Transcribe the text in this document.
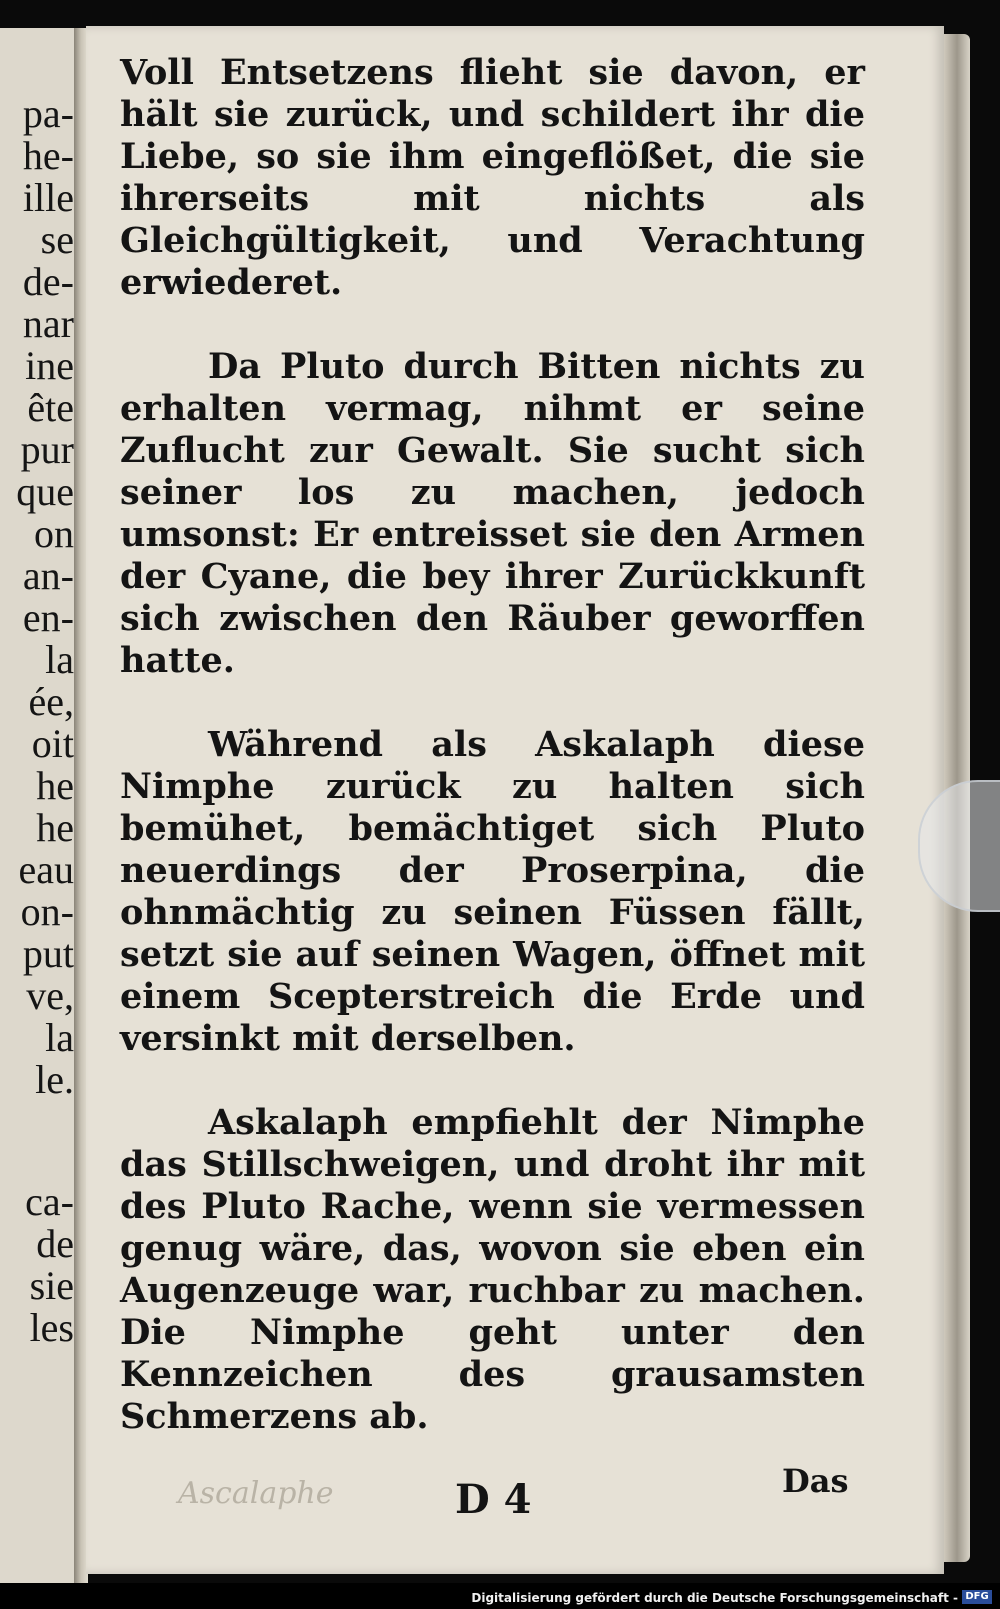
pa-
he-
ille
se
de-
nar
ine
ête
pur
que
on
an-
en-
la
ée,
oit
he
he
eau
on-
put
ve,
la
le.
ca-
de
sie
les

Voll Entsetzens flieht sie davon, er hält sie zurück, und schildert ihr die Liebe, so sie ihm eingeflößet, die sie ihrerseits mit nichts als Gleichgültigkeit, und Verachtung erwiederet.

Da Pluto durch Bitten nichts zu erhalten vermag, nihmt er seine Zuflucht zur Gewalt. Sie sucht sich seiner los zu machen, jedoch umsonst: Er entreisset sie den Armen der Cyane, die bey ihrer Zurückkunft sich zwischen den Räuber geworffen hatte.

Während als Askalaph diese Nimphe zurück zu halten sich bemühet, bemächtiget sich Pluto neuerdings der Proserpina, die ohnmächtig zu seinen Füssen fällt, setzt sie auf seinen Wagen, öffnet mit einem Scepterstreich die Erde und versinkt mit derselben.

Askalaph empfiehlt der Nimphe das Stillschweigen, und droht ihr mit des Pluto Rache, wenn sie vermessen genug wäre, das, wovon sie eben ein Augenzeuge war, ruchbar zu machen. Die Nimphe geht unter den Kennzeichen des grausamsten Schmerzens ab.

Ascalaphe	D 4	Das
Digitalisierung gefördert durch die Deutsche Forschungsgemeinschaft - DFG
